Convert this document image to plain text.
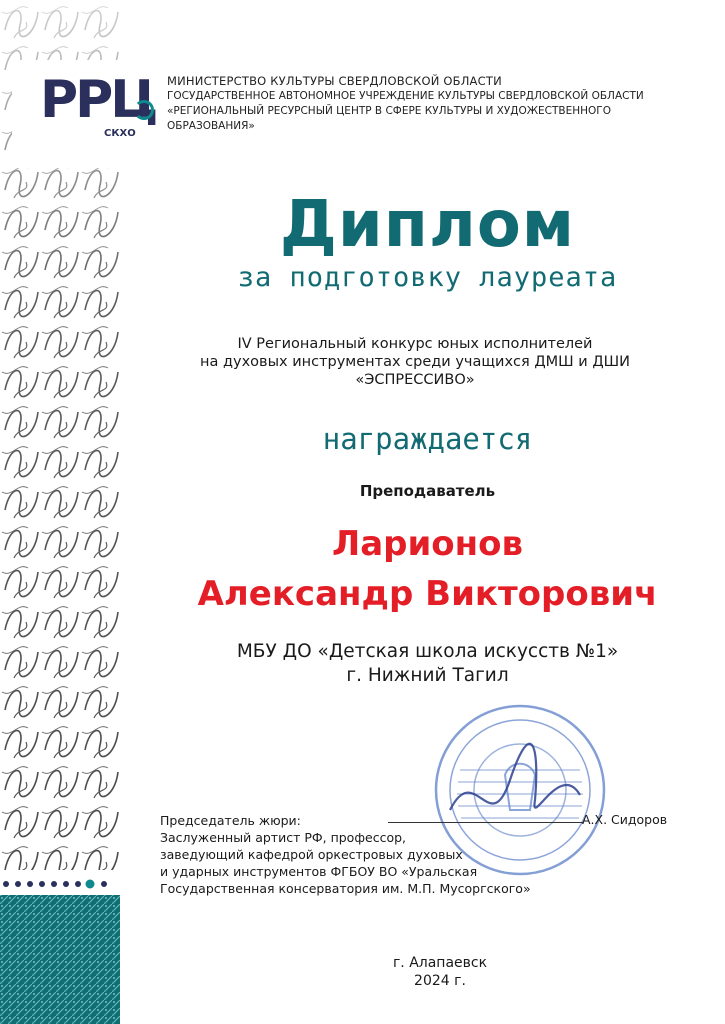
РРЦ
СКХО
МИНИСТЕРСТВО КУЛЬТУРЫ СВЕРДЛОВСКОЙ ОБЛАСТИ
ГОСУДАРСТВЕННОЕ АВТОНОМНОЕ УЧРЕЖДЕНИЕ КУЛЬТУРЫ СВЕРДЛОВСКОЙ ОБЛАСТИ
«РЕГИОНАЛЬНЫЙ РЕСУРСНЫЙ ЦЕНТР В СФЕРЕ КУЛЬТУРЫ И ХУДОЖЕСТВЕННОГО ОБРАЗОВАНИЯ»
Диплом
за подготовку лауреата
IV Региональный конкурс юных исполнителей
на духовых инструментах среди учащихся ДМШ и ДШИ
«ЭСПРЕССИВО»
награждается
Преподаватель
Ларионов
Александр Викторович
МБУ ДО «Детская школа искусств №1»
г. Нижний Тагил
Председатель жюри:
Заслуженный артист РФ, профессор,
заведующий кафедрой оркестровых духовых
и ударных инструментов ФГБОУ ВО «Уральская
Государственная консерватория им. М.П. Мусоргского»
А.Х. Сидоров
г. Алапаевск
2024 г.
